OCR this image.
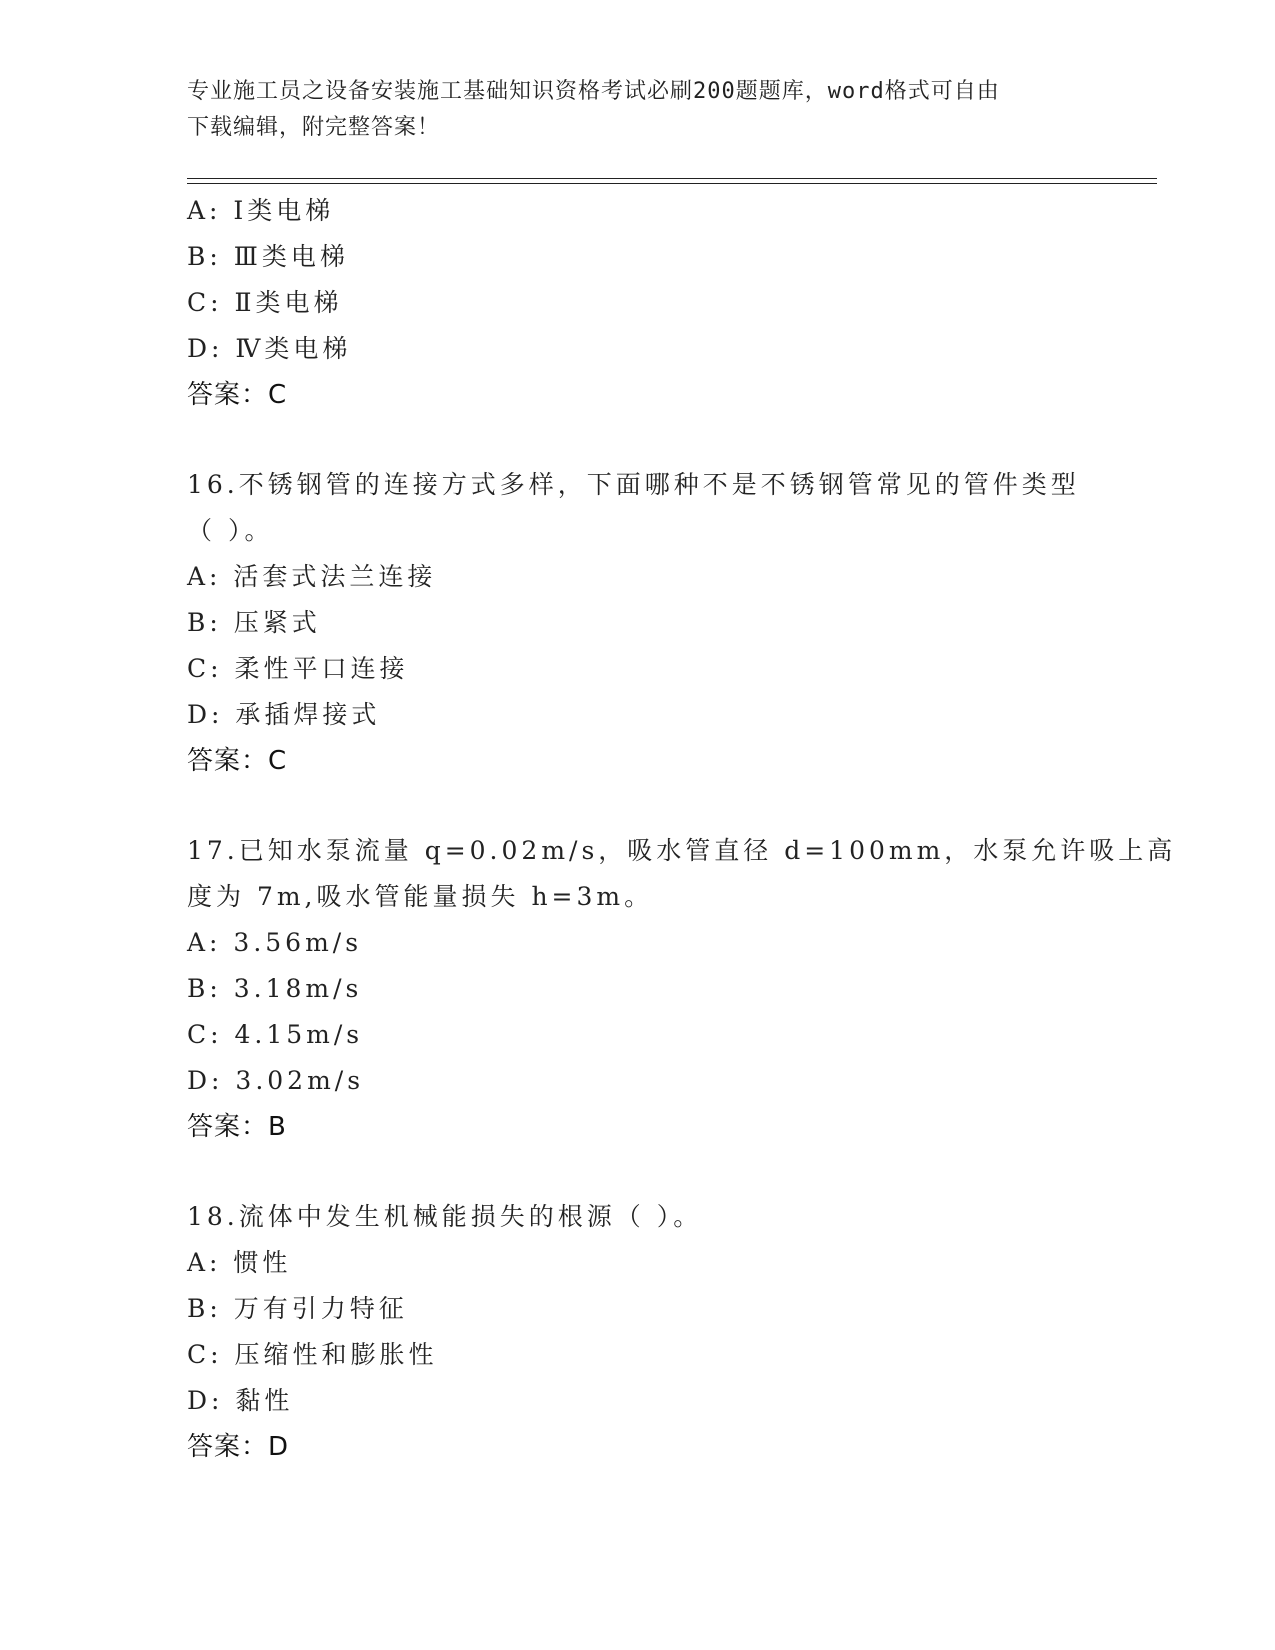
专业施工员之设备安装施工基础知识资格考试必刷200题题库，word格式可自由
下载编辑，附完整答案！
A: Ⅰ类电梯
B: Ⅲ类电梯
C: Ⅱ类电梯
D: Ⅳ类电梯
答案：C
16.不锈钢管的连接方式多样，下面哪种不是不锈钢管常见的管件类型
（ ）。
A: 活套式法兰连接
B: 压紧式
C: 柔性平口连接
D: 承插焊接式
答案：C
17.已知水泵流量 q=0.02m/s，吸水管直径 d=100mm，水泵允许吸上高
度为 7m,吸水管能量损失 h=3m。
A: 3.56m/s
B: 3.18m/s
C: 4.15m/s
D: 3.02m/s
答案：B
18.流体中发生机械能损失的根源（ ）。
A: 惯性
B: 万有引力特征
C: 压缩性和膨胀性
D: 黏性
答案：D
